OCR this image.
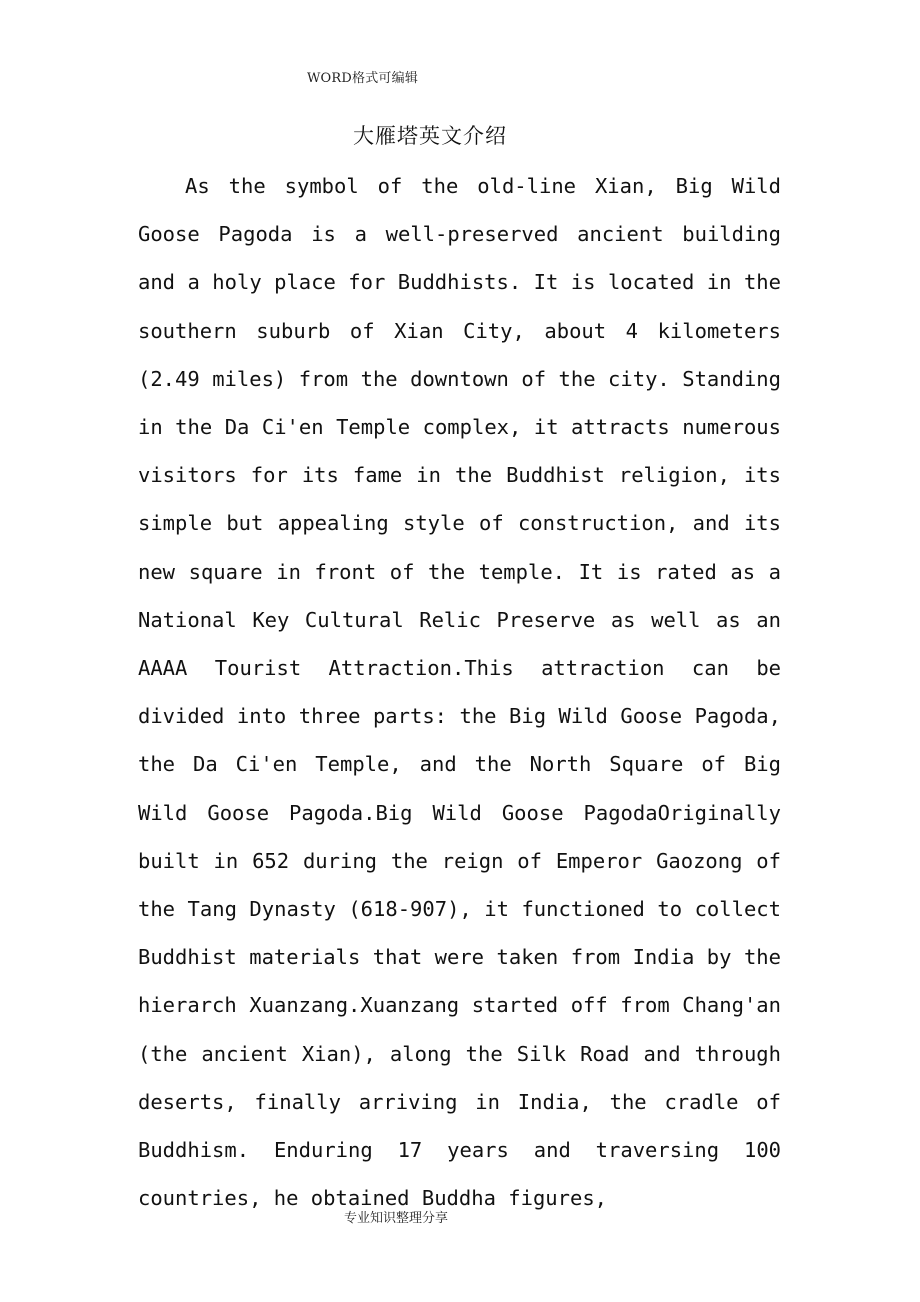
WORD格式可编辑
大雁塔英文介绍

As the symbol of the old-line Xian, Big Wild Goose Pagoda is a well-preserved ancient building and a holy place for Buddhists. It is located in the southern suburb of Xian City, about 4 kilometers (2.49 miles) from the downtown of the city. Standing in the Da Ci'en Temple complex, it attracts numerous visitors for its fame in the Buddhist religion, its simple but appealing style of construction, and its new square in front of the temple. It is rated as a National Key Cultural Relic Preserve as well as an AAAA Tourist Attraction.This attraction can be divided into three parts: the Big Wild Goose Pagoda, the Da Ci'en Temple, and the North Square of Big Wild Goose Pagoda.Big Wild Goose PagodaOriginally built in 652 during the reign of Emperor Gaozong of the Tang Dynasty (618-907), it functioned to collect Buddhist materials that were taken from India by the hierarch Xuanzang.Xuanzang started off from Chang'an (the ancient Xian), along the Silk Road and through deserts, finally arriving in India, the cradle of Buddhism. Enduring 17 years and traversing 100 countries, he obtained Buddha figures,

专业知识整理分享
